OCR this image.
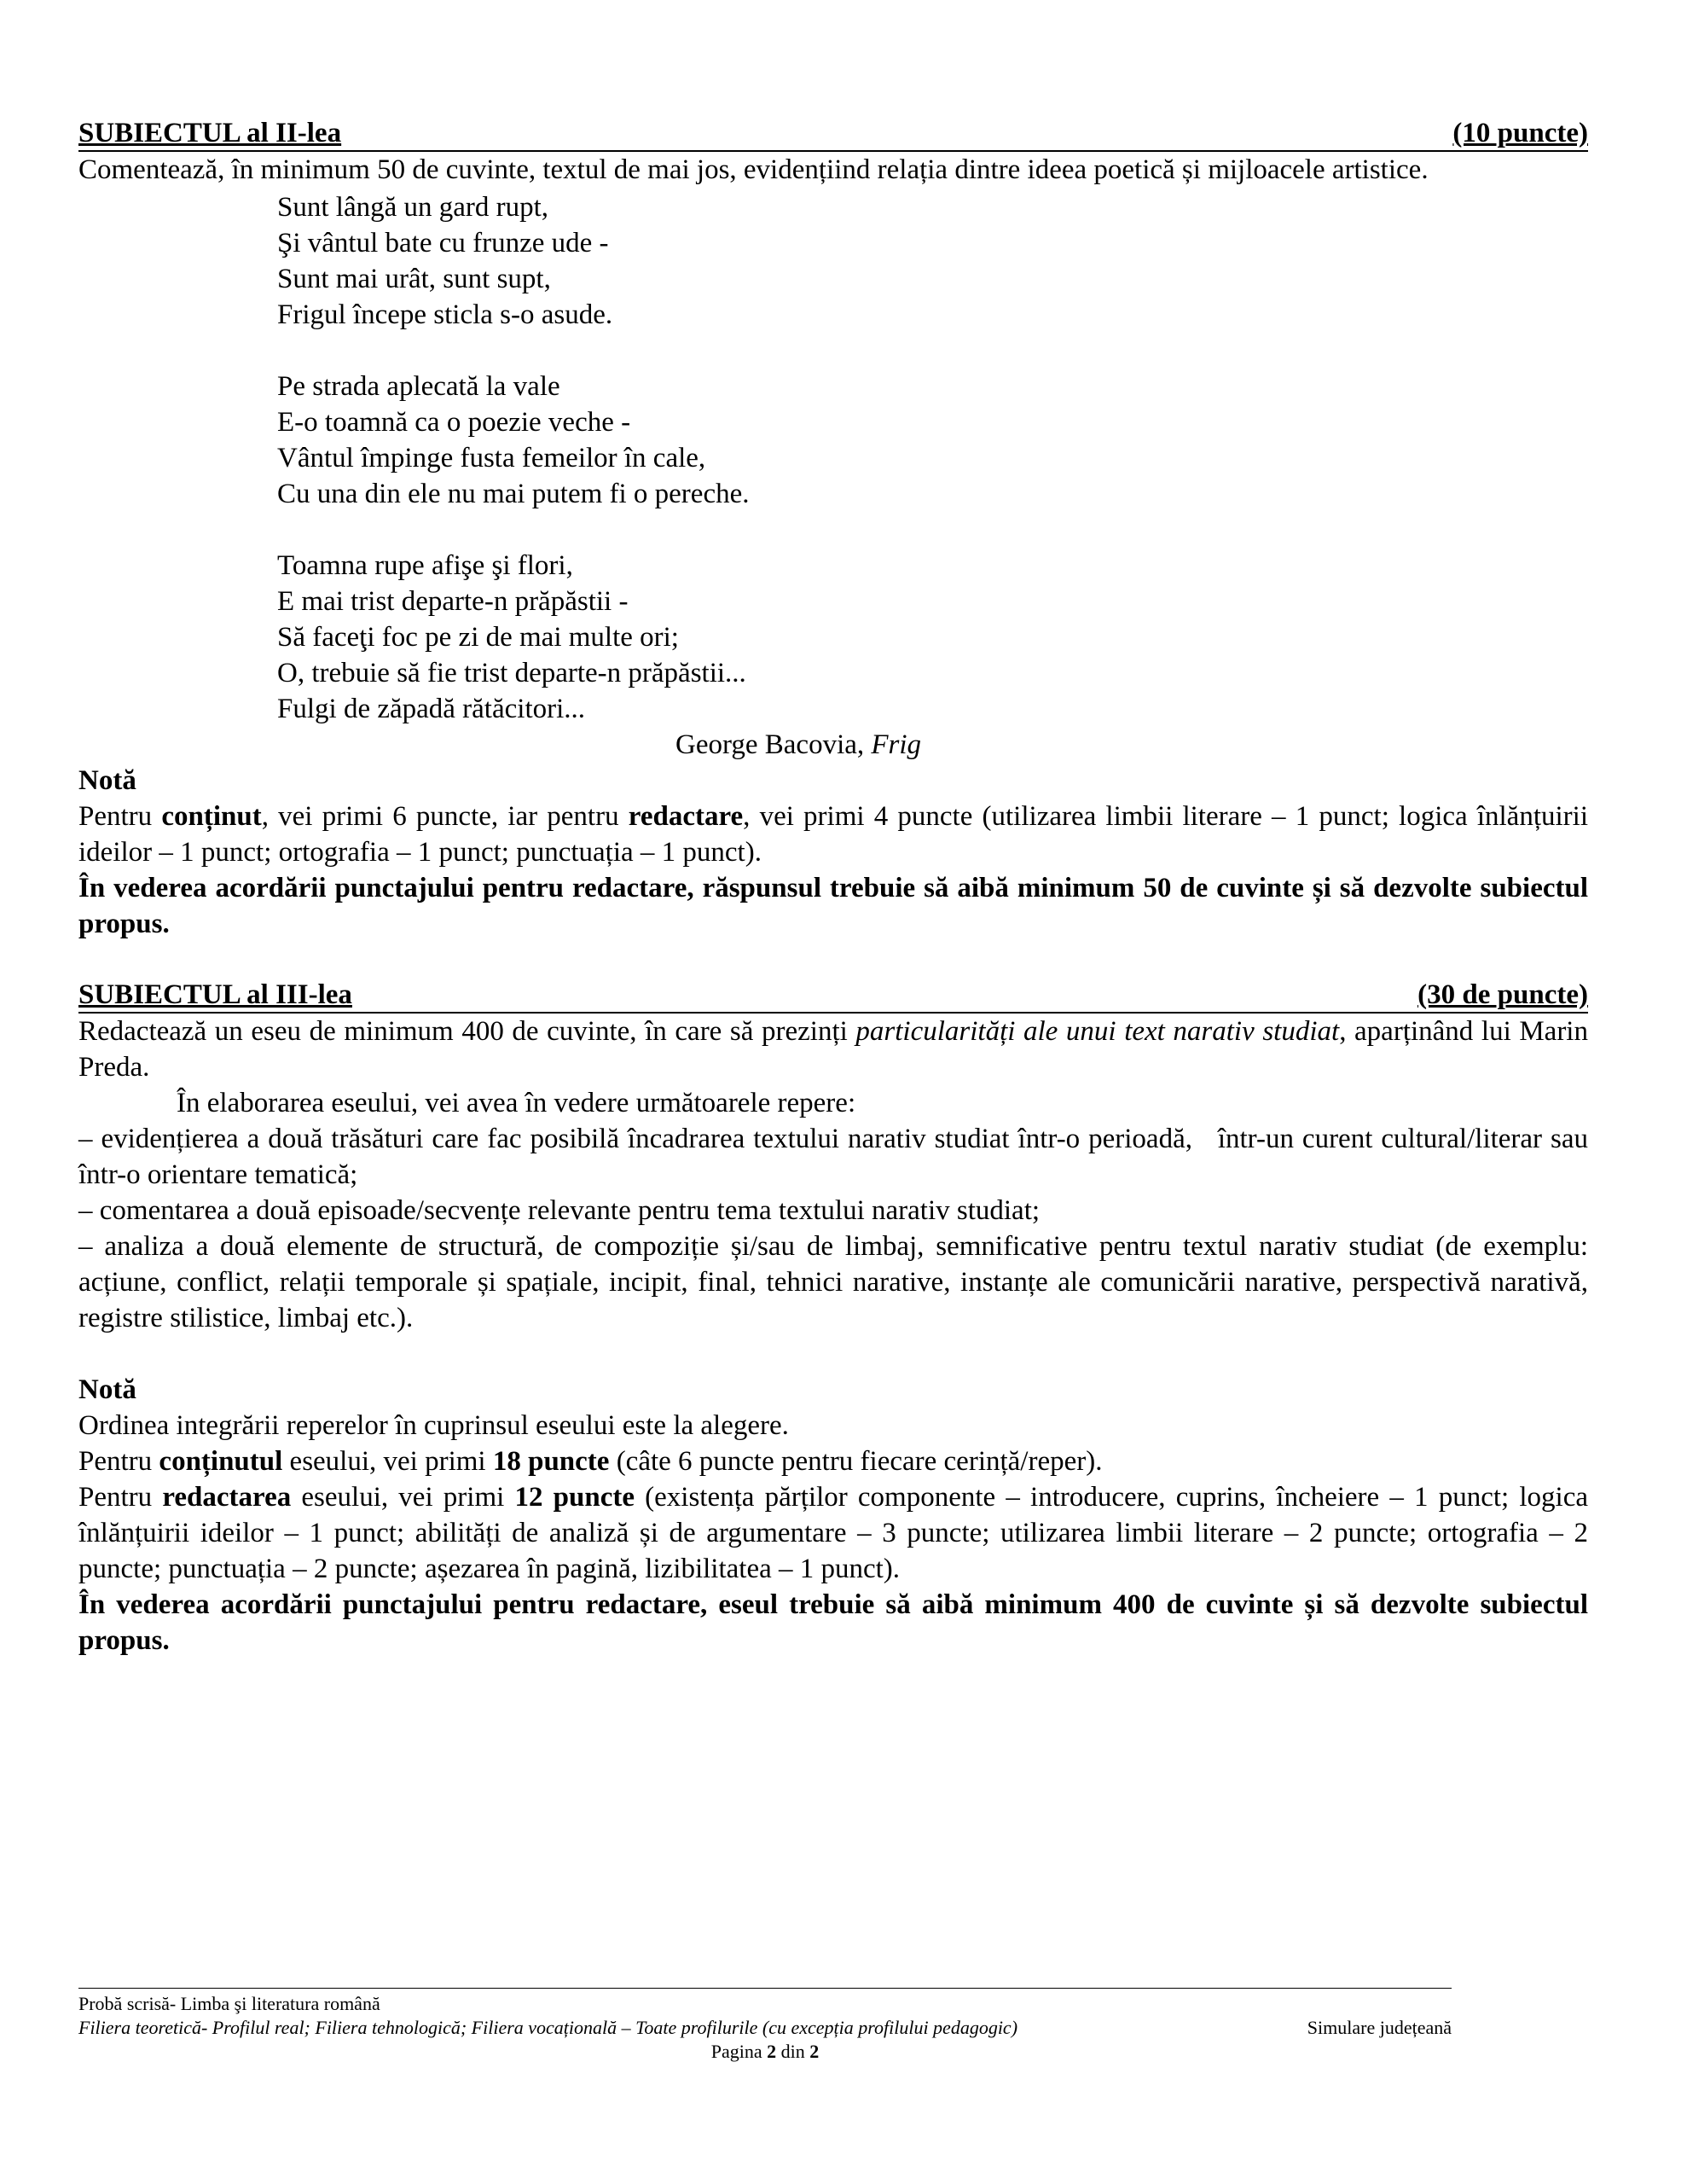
SUBIECTUL al II-lea	(10 puncte)

Comentează, în minimum 50 de cuvinte, textul de mai jos, evidențiind relația dintre ideea poetică și mijloacele artistice.

Sunt lângă un gard rupt,
Şi vântul bate cu frunze ude -
Sunt mai urât, sunt supt,
Frigul începe sticla s-o asude.
Pe strada aplecată la vale
E-o toamnă ca o poezie veche -
Vântul împinge fusta femeilor în cale,
Cu una din ele nu mai putem fi o pereche.
Toamna rupe afişe şi flori,
E mai trist departe-n prăpăstii -
Să faceţi foc pe zi de mai multe ori;
O, trebuie să fie trist departe-n prăpăstii...
Fulgi de zăpadă rătăcitori...
George Bacovia, Frig

Notă

Pentru conținut, vei primi 6 puncte, iar pentru redactare, vei primi 4 puncte (utilizarea limbii literare – 1 punct; logica înlănțuirii ideilor – 1 punct; ortografia – 1 punct; punctuația – 1 punct).

În vederea acordării punctajului pentru redactare, răspunsul trebuie să aibă minimum 50 de cuvinte și să dezvolte subiectul propus.

SUBIECTUL al III-lea	(30 de puncte)

Redactează un eseu de minimum 400 de cuvinte, în care să prezinți particularități ale unui text narativ studiat, aparținând lui Marin Preda.

În elaborarea eseului, vei avea în vedere următoarele repere:

– evidențierea a două trăsături care fac posibilă încadrarea textului narativ studiat într-o perioadă,   într-un curent cultural/literar sau într-o orientare tematică;

– comentarea a două episoade/secvențe relevante pentru tema textului narativ studiat;

– analiza a două elemente de structură, de compoziție și/sau de limbaj, semnificative pentru textul narativ studiat (de exemplu: acțiune, conflict, relații temporale și spațiale, incipit, final, tehnici narative, instanțe ale comunicării narative, perspectivă narativă, registre stilistice, limbaj etc.).

Notă

Ordinea integrării reperelor în cuprinsul eseului este la alegere.

Pentru conținutul eseului, vei primi 18 puncte (câte 6 puncte pentru fiecare cerință/reper).

Pentru redactarea eseului, vei primi 12 puncte (existența părților componente – introducere, cuprins, încheiere – 1 punct; logica înlănțuirii ideilor – 1 punct; abilități de analiză și de argumentare – 3 puncte; utilizarea limbii literare – 2 puncte; ortografia – 2 puncte; punctuația – 2 puncte; așezarea în pagină, lizibilitatea – 1 punct).

În vederea acordării punctajului pentru redactare, eseul trebuie să aibă minimum 400 de cuvinte și să dezvolte subiectul propus.

Probă scrisă- Limba şi literatura română
Filiera teoretică- Profilul real; Filiera tehnologică; Filiera vocațională – Toate profilurile (cu excepția profilului pedagogic)	Simulare județeană
Pagina 2 din 2
